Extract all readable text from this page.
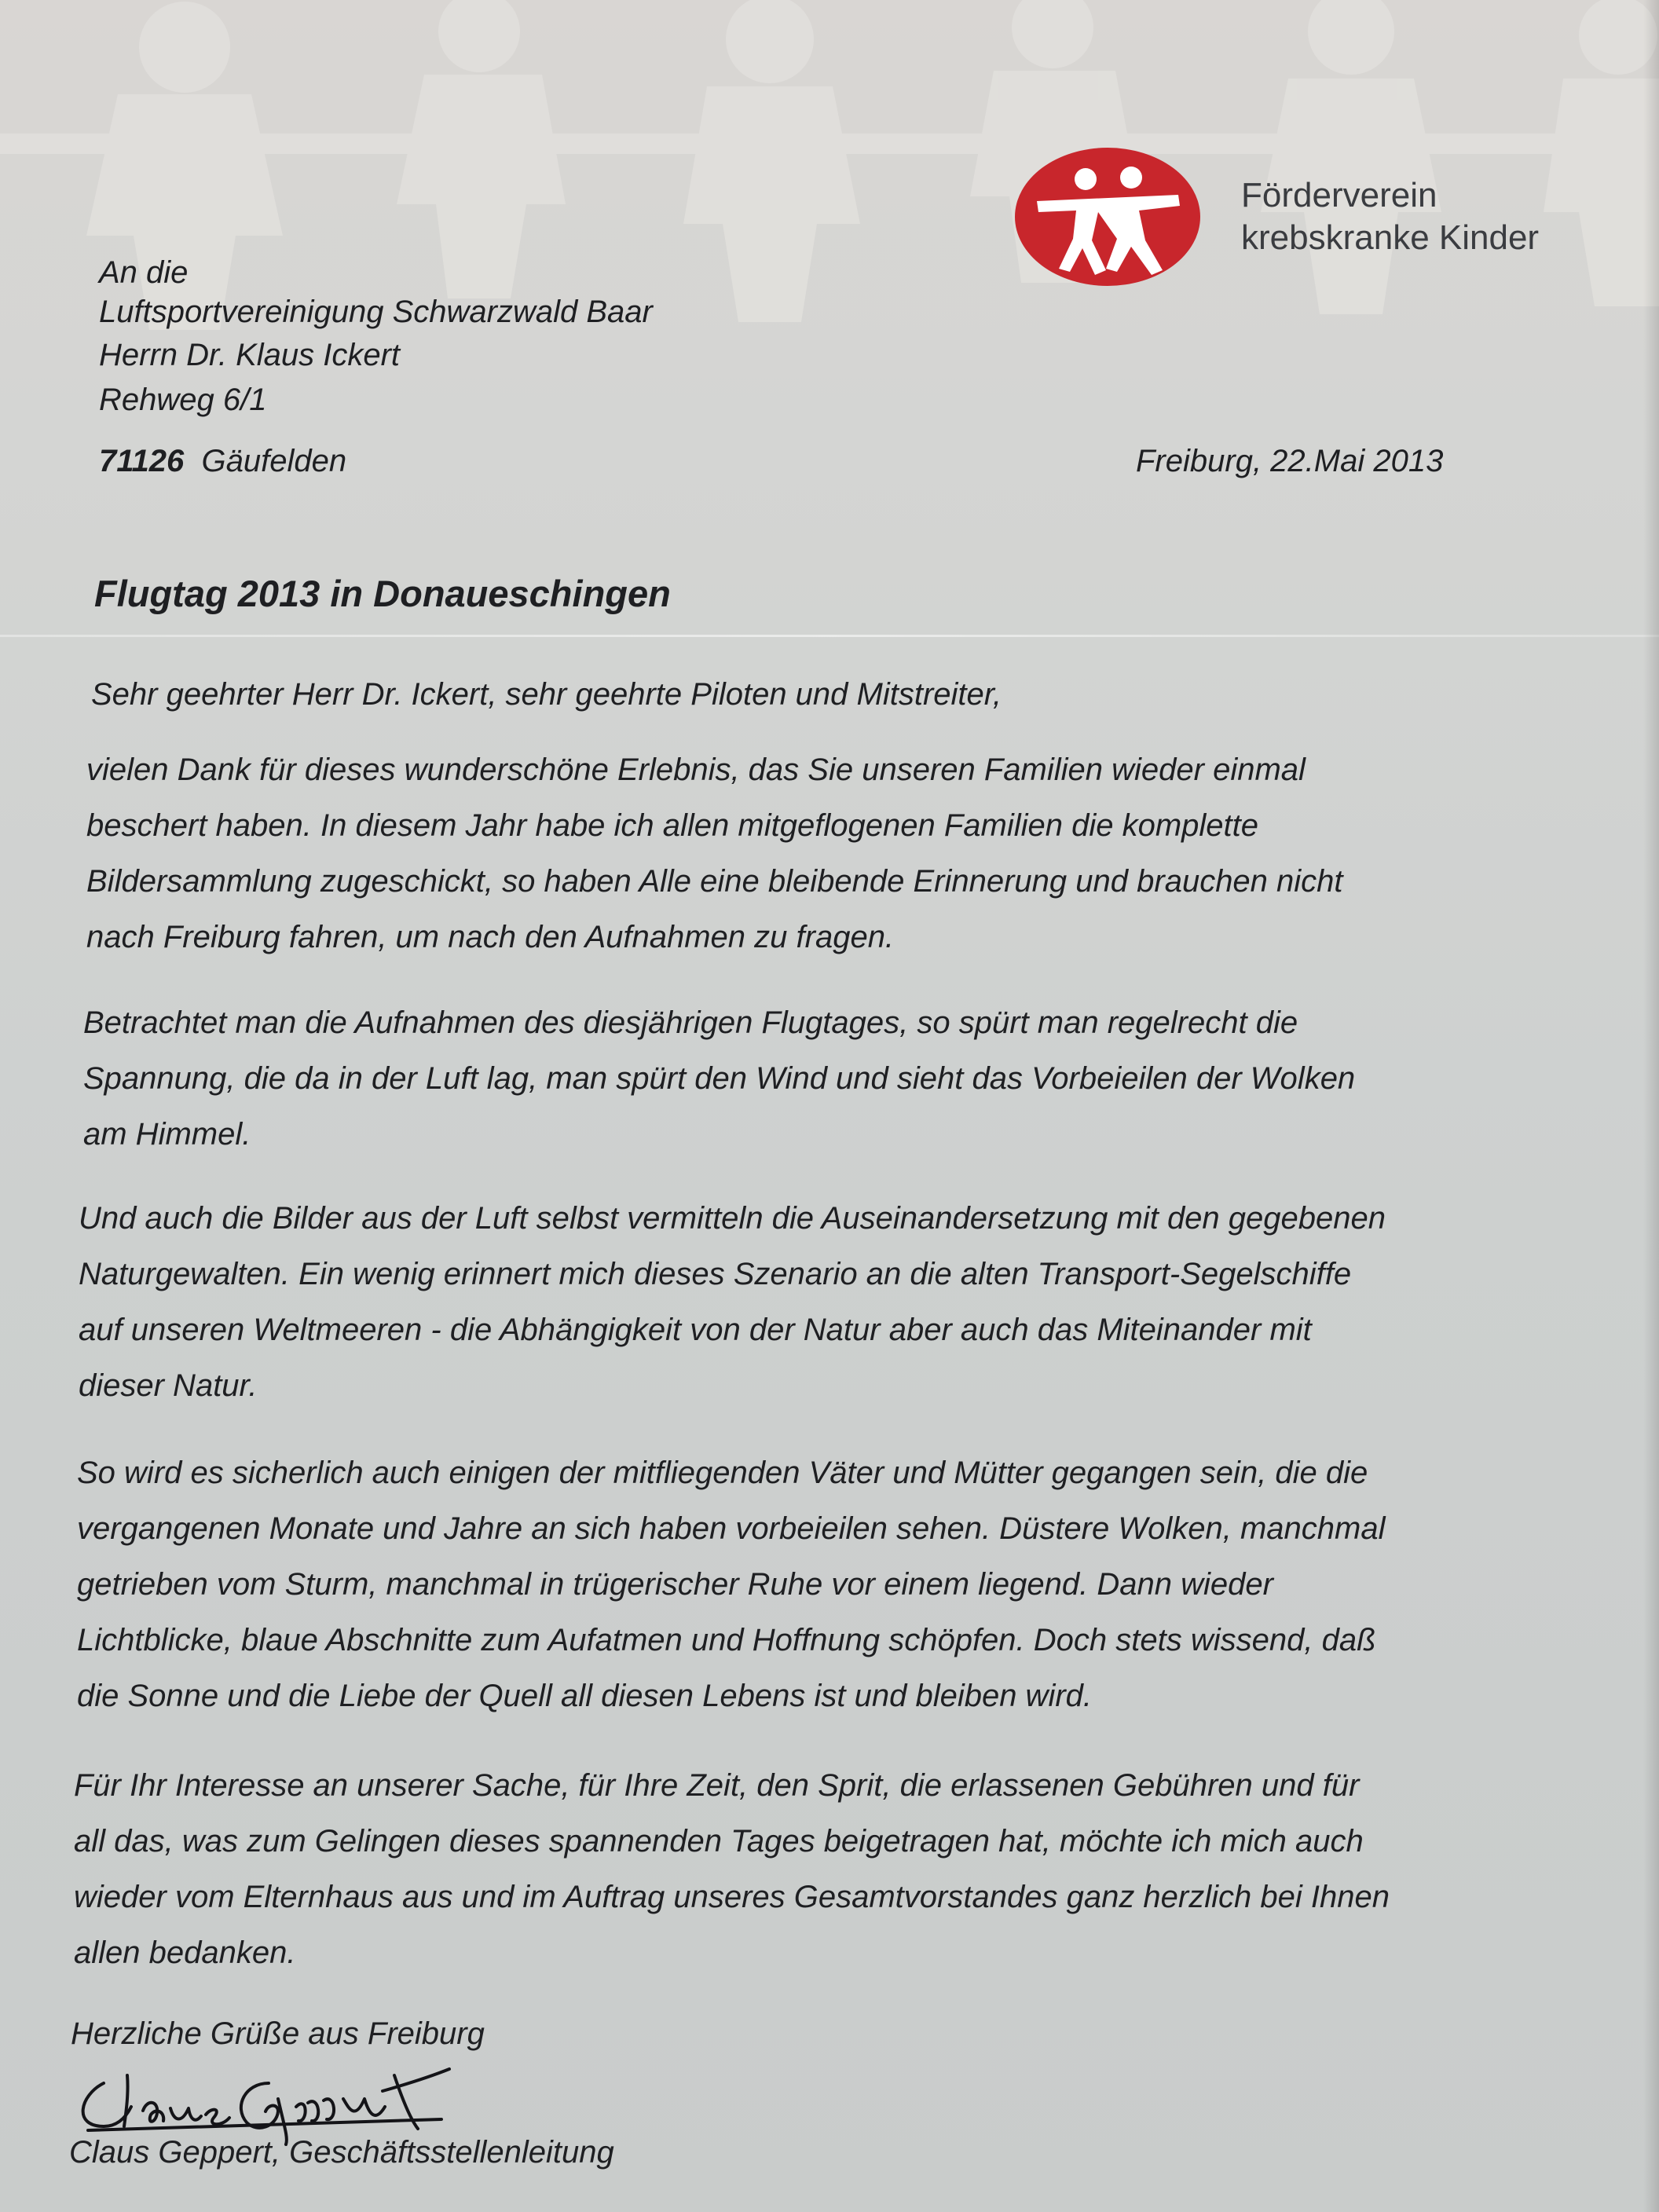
Förderverein
krebskranke Kinder

An die

Luftsportvereinigung Schwarzwald Baar

Herrn Dr. Klaus Ickert

Rehweg 6/1

71126 Gäufelden	Freiburg, 22.Mai 2013

Flugtag 2013 in Donaueschingen

Sehr geehrter Herr Dr. Ickert, sehr geehrte Piloten und Mitstreiter,

vielen Dank für dieses wunderschöne Erlebnis, das Sie unseren Familien wieder einmal
beschert haben. In diesem Jahr habe ich allen mitgeflogenen Familien die komplette
Bildersammlung zugeschickt, so haben Alle eine bleibende Erinnerung und brauchen nicht
nach Freiburg fahren, um nach den Aufnahmen zu fragen.
Betrachtet man die Aufnahmen des diesjährigen Flugtages, so spürt man regelrecht die
Spannung, die da in der Luft lag, man spürt den Wind und sieht das Vorbeieilen der Wolken
am Himmel.
Und auch die Bilder aus der Luft selbst vermitteln die Auseinandersetzung mit den gegebenen
Naturgewalten. Ein wenig erinnert mich dieses Szenario an die alten Transport-Segelschiffe
auf unseren Weltmeeren - die Abhängigkeit von der Natur aber auch das Miteinander mit
dieser Natur.
So wird es sicherlich auch einigen der mitfliegenden Väter und Mütter gegangen sein, die die
vergangenen Monate und Jahre an sich haben vorbeieilen sehen. Düstere Wolken, manchmal
getrieben vom Sturm, manchmal in trügerischer Ruhe vor einem liegend. Dann wieder
Lichtblicke, blaue Abschnitte zum Aufatmen und Hoffnung schöpfen. Doch stets wissend, daß
die Sonne und die Liebe der Quell all diesen Lebens ist und bleiben wird.
Für Ihr Interesse an unserer Sache, für Ihre Zeit, den Sprit, die erlassenen Gebühren und für
all das, was zum Gelingen dieses spannenden Tages beigetragen hat, möchte ich mich auch
wieder vom Elternhaus aus und im Auftrag unseres Gesamtvorstandes ganz herzlich bei Ihnen
allen bedanken.

Herzliche Grüße aus Freiburg

Claus Geppert, Geschäftsstellenleitung
